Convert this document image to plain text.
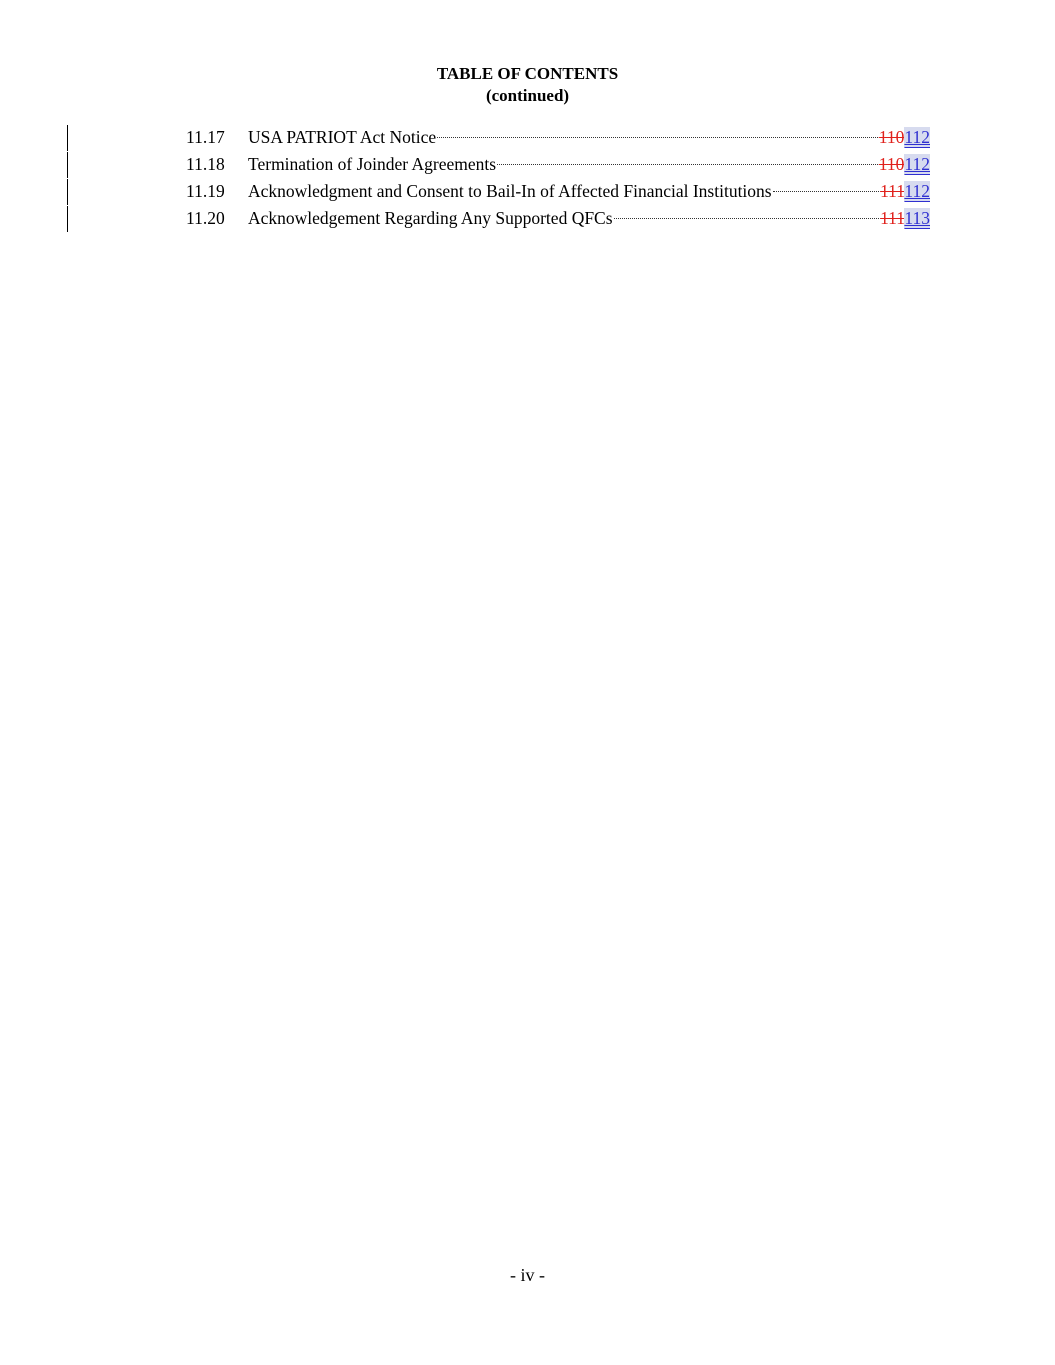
TABLE OF CONTENTS
(continued)
11.17 USA PATRIOT Act Notice	110112
11.18 Termination of Joinder Agreements	110112
11.19 Acknowledgment and Consent to Bail-In of Affected Financial Institutions	111112
11.20 Acknowledgement Regarding Any Supported QFCs	111113
- iv -
